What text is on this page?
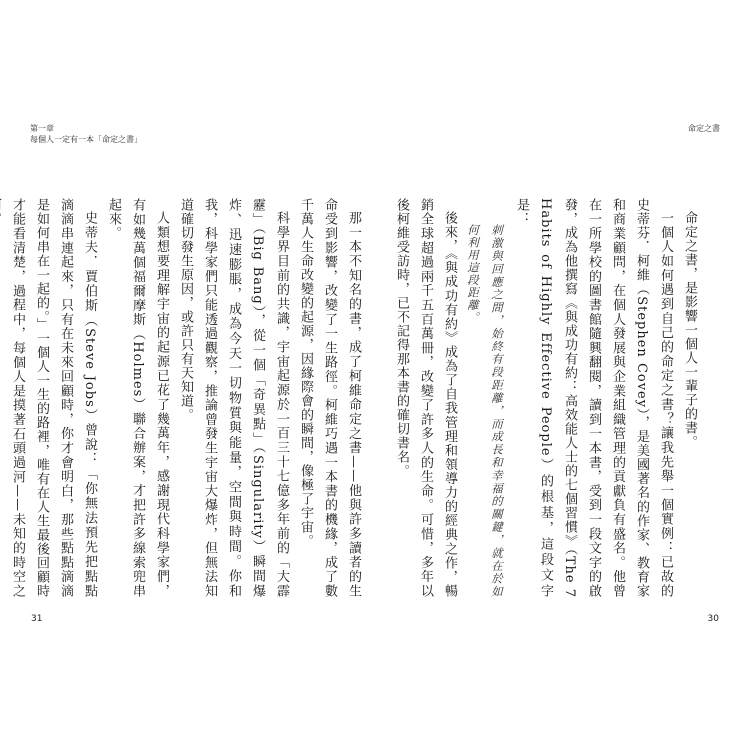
第一章
每個人一定有一本「命定之書」

那一本不知名的書，成了柯維命定之書——他與許多讀者的生命受到影響，改變了一生路徑。柯維巧遇一本書的機緣，成了數千萬人生命改變的起源，因緣際會的瞬間，像極了宇宙。

科學界目前的共識，宇宙起源於一百三十七億多年前的「大霹靂」（Big Bang），從一個「奇異點」（Singularity）瞬間爆炸、迅速膨脹，成為今天一切物質與能量，空間與時間。你和我，科學家們只能透過觀察，推論曾發生宇宙大爆炸，但無法知道確切發生原因，或許只有天知道。

人類想要理解宇宙的起源已花了幾萬年，感謝現代科學家們，有如幾萬個福爾摩斯（Holmes）聯合辦案，才把許多線索兜串起來。

史蒂夫．賈伯斯（Steve Jobs）曾說：「你無法預先把點點滴滴串連起來，只有在未來回顧時，你才會明白，那些點點滴滴是如何串在一起的。」一個人一生的路裡，唯有在人生最後回顧時才能看清楚，過程中，每個人是摸著石頭過河——未知的時空之

31
命定之書

命定之書，是影響一個人一輩子的書。

一個人如何遇到自己的命定之書？讓我先舉一個實例：已故的史蒂芬．柯維（Stephen Covey），是美國著名的作家、教育家和商業顧問，在個人發展與企業組織管理的貢獻負有盛名。他曾在一所學校的圖書館隨興翻閱，讀到一本書，受到一段文字的啟發，成為他撰寫《與成功有約：高效能人士的七個習慣》（The 7 Habits of Highly Effective People）的根基，這段文字是：

刺激與回應之間，始終有段距離，而成長和幸福的關鍵，就在於如何利用這段距離。

後來，《與成功有約》成為了自我管理和領導力的經典之作，暢銷全球超過兩千五百萬冊，改變了許多人的生命。可惜，多年以後柯維受訪時，已不記得那本書的確切書名。

30
